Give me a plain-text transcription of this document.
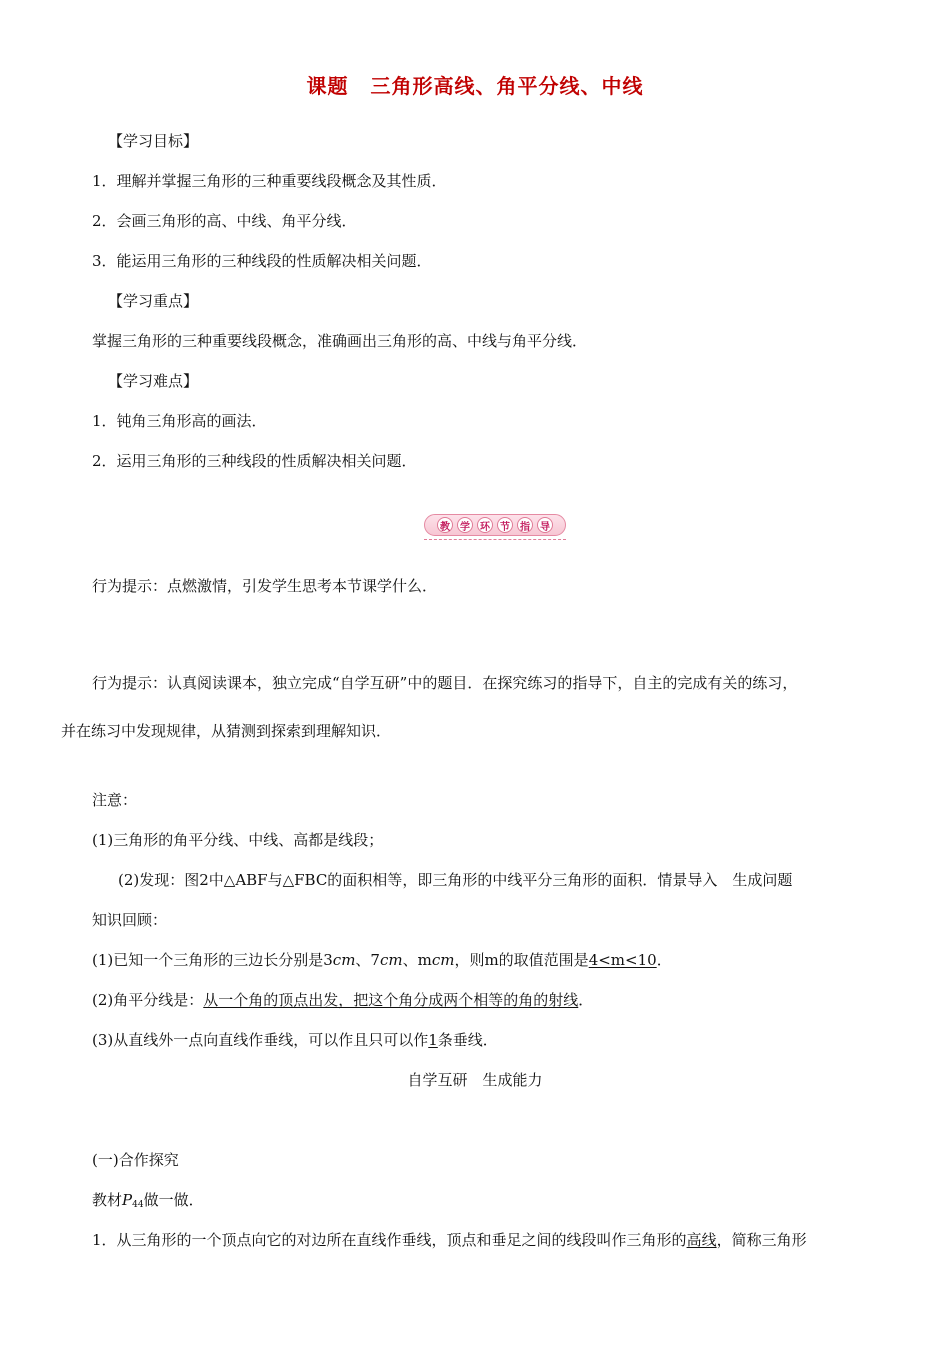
课题 三角形高线、角平分线、中线
【学习目标】
1．理解并掌握三角形的三种重要线段概念及其性质．
2．会画三角形的高、中线、角平分线．
3．能运用三角形的三种线段的性质解决相关问题．
【学习重点】
掌握三角形的三种重要线段概念，准确画出三角形的高、中线与角平分线．
【学习难点】
1．钝角三角形高的画法．
2．运用三角形的三种线段的性质解决相关问题．
教	学	环	节	指	导
行为提示：点燃激情，引发学生思考本节课学什么．
行为提示：认真阅读课本，独立完成“自学互研”中的题目．在探究练习的指导下，自主的完成有关的练习，
并在练习中发现规律，从猜测到探索到理解知识．
注意：
(1)三角形的角平分线、中线、高都是线段；
(2)发现：图2中△ABF与△FBC的面积相等，即三角形的中线平分三角形的面积．情景导入　生成问题
知识回顾：
(1)已知一个三角形的三边长分别是3cm、7cm、mcm，则m的取值范围是4<m<10．
(2)角平分线是：从一个角的顶点出发，把这个角分成两个相等的角的射线．
(3)从直线外一点向直线作垂线，可以作且只可以作1条垂线．
自学互研　生成能力
(一)合作探究
教材$P_{44}$做一做．
1．从三角形的一个顶点向它的对边所在直线作垂线，顶点和垂足之间的线段叫作三角形的高线，简称三角形
